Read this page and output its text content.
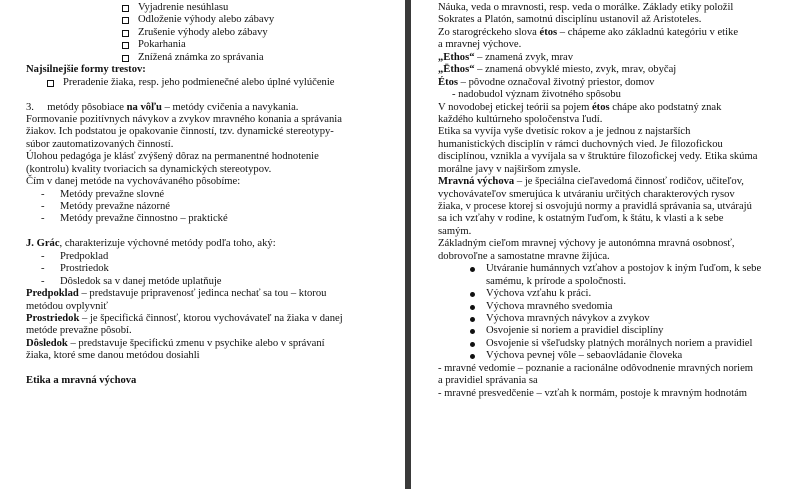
Vyjadrenie nesúhlasu
Odloženie výhody alebo zábavy
Zrušenie výhody alebo zábavy
Pokarhania
Znížená známka zo správania
Najsilnejšie formy trestov:
Preradenie žiaka, resp. jeho podmienečné alebo úplné vylúčenie
3. metódy pôsobiace na vôľu – metódy cvičenia a navykania.
Formovanie pozitívnych návykov a zvykov mravného konania a správania
žiakov. Ich podstatou je opakovanie činností, tzv. dynamické stereotypy-
súbor zautomatizovaných činností.
Úlohou pedagóga je klásť zvýšený dôraz na permanentné hodnotenie
(kontrolu) kvality tvoriacich sa dynamických stereotypov.
Čím v danej metóde na vychovávaného pôsobíme:
- Metódy prevažne slovné
- Metódy prevažne názorné
- Metódy prevažne činnostno – praktické
J. Grác, charakterizuje výchovné metódy podľa toho, aký:
- Predpoklad
- Prostriedok
- Dôsledok sa v danej metóde uplatňuje
Predpoklad – predstavuje pripravenosť jedinca nechať sa tou – ktorou
metódou ovplyvniť
Prostriedok – je špecifická činnosť, ktorou vychovávateľ na žiaka v danej
metóde prevažne pôsobí.
Dôsledok – predstavuje špecifickú zmenu v psychike alebo v správaní
žiaka, ktoré sme danou metódou dosiahli
Etika a mravná výchova
Náuka, veda o mravnosti, resp. veda o morálke. Základy etiky položil
Sokrates a Platón, samotnú disciplínu ustanovil až Aristoteles.
Zo starogréckeho slova étos – chápeme ako základnú kategóriu v etike
a mravnej výchove.
„Ethos“ – znamená zvyk, mrav
„Ēthos“ – znamená obvyklé miesto, zvyk, mrav, obyčaj
Étos – pôvodne označoval životný priestor, domov
- nadobudol význam životného spôsobu
V novodobej etickej teórii sa pojem étos chápe ako podstatný znak
každého kultúrneho spoločenstva ľudí.
Etika sa vyvíja vyše dvetisíc rokov a je jednou z najstarších
humanistických disciplín v rámci duchovných vied. Je filozofickou
disciplínou, vznikla a vyvíjala sa v štruktúre filozofickej vedy. Etika skúma
morálne javy v najširšom zmysle.
Mravná výchova – je špeciálna cieľavedomá činnosť rodičov, učiteľov,
vychovávateľov smerujúca k utváraniu určitých charakterových rysov
žiaka, v procese ktorej si osvojujú normy a pravidlá správania sa, utvárajú
sa ich vzťahy v rodine, k ostatným ľuďom, k štátu, k vlasti a k sebe
samým.
Základným cieľom mravnej výchovy je autonómna mravná osobnosť,
dobrovoľne a samostatne mravne žijúca.
Utváranie humánnych vzťahov a postojov k iným ľuďom, k sebe
samému, k prírode a spoločnosti.
Výchova vzťahu k práci.
Výchova mravného svedomia
Výchova mravných návykov a zvykov
Osvojenie si noriem a pravidiel disciplíny
Osvojenie si všeľudsky platných morálnych noriem a pravidiel
Výchova pevnej vôle – sebaovládanie človeka
- mravné vedomie – poznanie a racionálne odôvodnenie mravných noriem
a pravidiel správania sa
- mravné presvedčenie – vzťah k normám, postoje k mravným hodnotám
